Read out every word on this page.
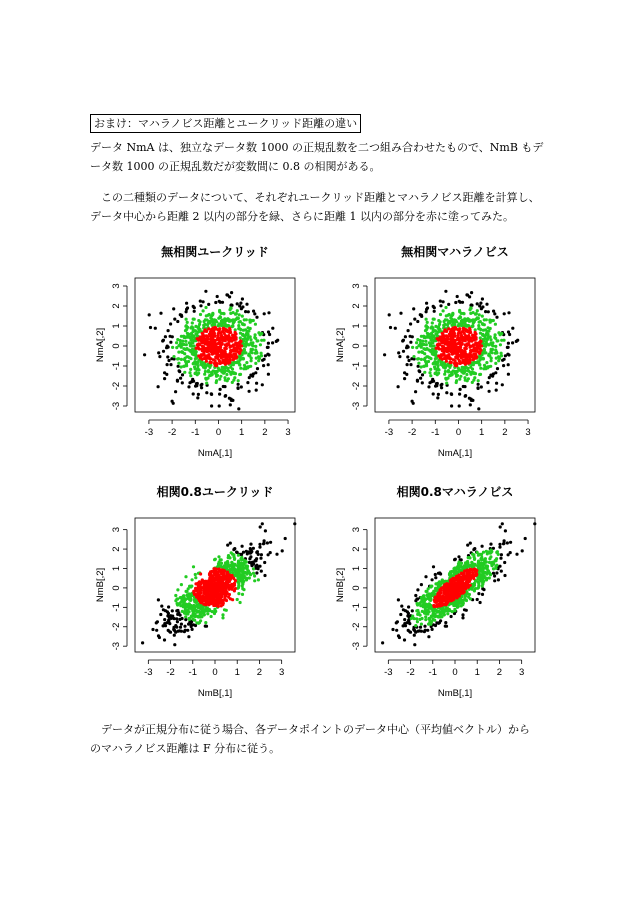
おまけ：マハラノビス距離とユークリッド距離の違い

データ NmA は、独立なデータ数 1000 の正規乱数を二つ組み合わせたもので、NmB もデ
ータ数 1000 の正規乱数だが変数間に 0.8 の相関がある。

この二種類のデータについて、それぞれユークリッド距離とマハラノビス距離を計算し、
データ中心から距離 2 以内の部分を緑、さらに距離 1 以内の部分を赤に塗ってみた。

無相関ユークリッド
-3 -2 -1 0 1 2 3
NmA[,1]
-3
-2
-1
0
1
2
3
NmA[,2]
無相関マハラノビス
-3 -2 -1 0 1 2 3
NmA[,1]
-3
-2
-1
0
1
2
3
NmA[,2]
相関0.8ユークリッド
-3 -2 -1 0 1 2 3
NmB[,1]
-3
-2
-1
0
1
2
3
NmB[,2]
相関0.8マハラノビス
-3 -2 -1 0 1 2 3
NmB[,1]
-3
-2
-1
0
1
2
3
NmB[,2]

データが正規分布に従う場合、各データポイントのデータ中心（平均値ベクトル）から
のマハラノビス距離は F 分布に従う。
